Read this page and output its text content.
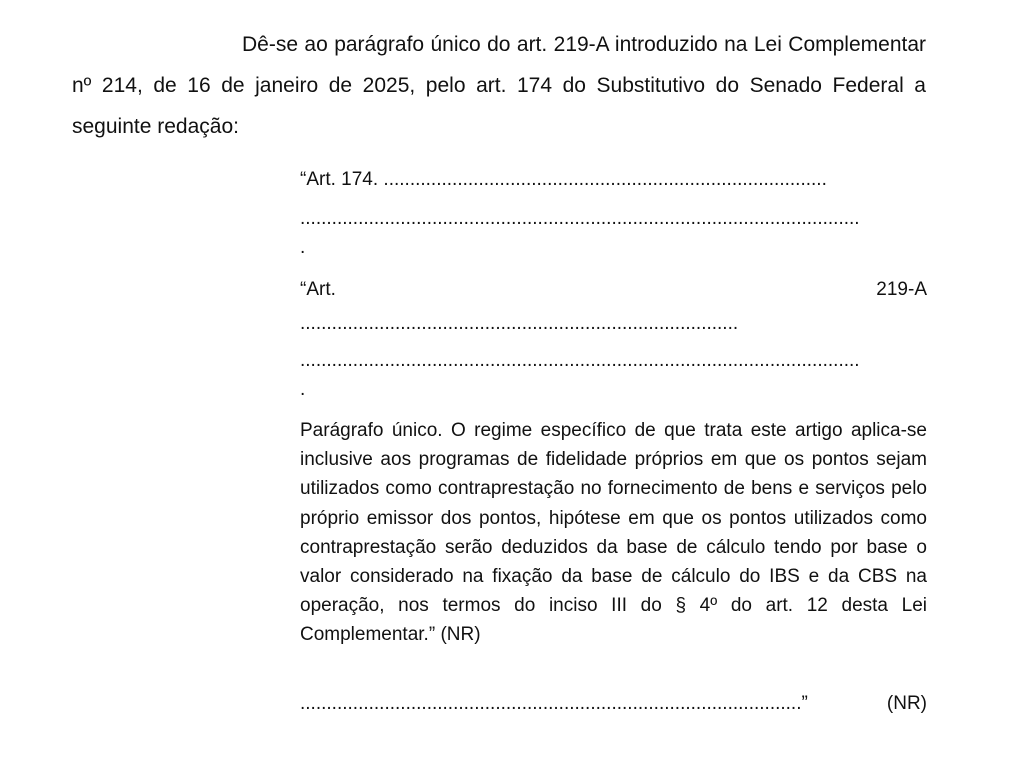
Dê-se ao parágrafo único do art. 219-A introduzido na Lei Complementar nº 214, de 16 de janeiro de 2025, pelo art. 174 do Substitutivo do Senado Federal a seguinte redação:

“Art. 174. ....................................................................................

..........................................................................................................

.

“Art.	219-A

...................................................................................

..........................................................................................................

.

Parágrafo único. O regime específico de que trata este artigo aplica-se inclusive aos programas de fidelidade próprios em que os pontos sejam utilizados como contraprestação no fornecimento de bens e serviços pelo próprio emissor dos pontos, hipótese em que os pontos utilizados como contraprestação serão deduzidos da base de cálculo tendo por base o valor considerado na fixação da base de cálculo do IBS e da CBS na operação, nos termos do inciso III do § 4º do art. 12 desta Lei Complementar.” (NR)

...............................................................................................”	(NR)
